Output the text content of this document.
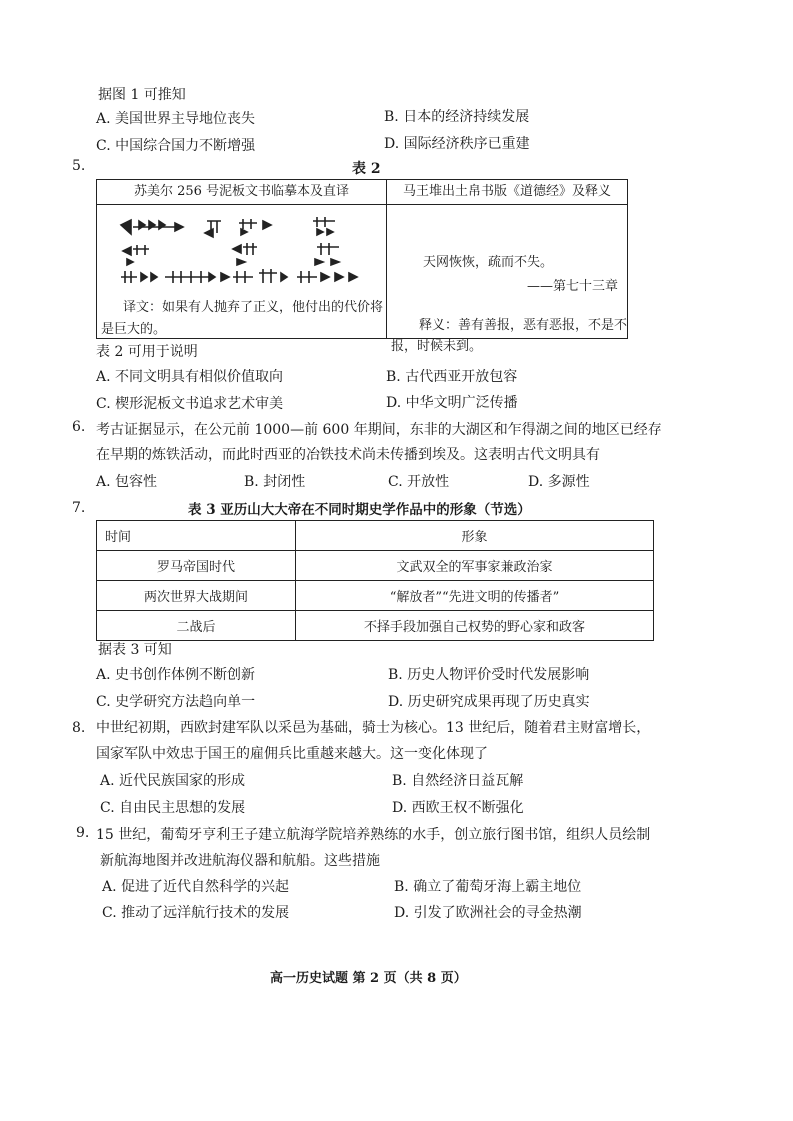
据图 1 可推知
A. 美国世界主导地位丧失	B. 日本的经济持续发展
C. 中国综合国力不断增强	D. 国际经济秩序已重建
5.	表 2
苏美尔 256 号泥板文书临摹本及直译	马王堆出土帛书版《道德经》及释义

译文：如果有人抛弃了正义，他付出的代价将是巨大的。	天网恢恢，疏而不失。
——第七十三章
释义：善有善报，恶有恶报，不是不报，时候未到。
表 2 可用于说明
A. 不同文明具有相似价值取向	B. 古代西亚开放包容
C. 楔形泥板文书追求艺术审美	D. 中华文明广泛传播
6. 考古证据显示，在公元前 1000—前 600 年期间，东非的大湖区和乍得湖之间的地区已经存
在早期的炼铁活动，而此时西亚的冶铁技术尚未传播到埃及。这表明古代文明具有
A. 包容性	B. 封闭性	C. 开放性	D. 多源性
7.	表 3 亚历山大大帝在不同时期史学作品中的形象（节选）
时间	形象
罗马帝国时代	文武双全的军事家兼政治家
两次世界大战期间	“解放者”“先进文明的传播者”
二战后	不择手段加强自己权势的野心家和政客
据表 3 可知
A. 史书创作体例不断创新	B. 历史人物评价受时代发展影响
C. 史学研究方法趋向单一	D. 历史研究成果再现了历史真实
8. 中世纪初期，西欧封建军队以采邑为基础，骑士为核心。13 世纪后，随着君主财富增长，
国家军队中效忠于国王的雇佣兵比重越来越大。这一变化体现了
A. 近代民族国家的形成	B. 自然经济日益瓦解
C. 自由民主思想的发展	D. 西欧王权不断强化
9. 15 世纪，葡萄牙亨利王子建立航海学院培养熟练的水手，创立旅行图书馆，组织人员绘制
新航海地图并改进航海仪器和航船。这些措施
A. 促进了近代自然科学的兴起	B. 确立了葡萄牙海上霸主地位
C. 推动了远洋航行技术的发展	D. 引发了欧洲社会的寻金热潮
高一历史试题 第 2 页（共 8 页）
